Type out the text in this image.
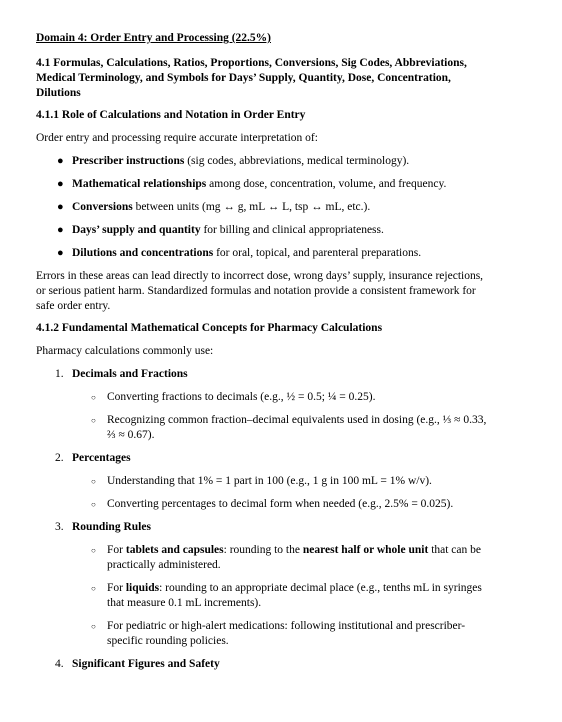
Domain 4: Order Entry and Processing (22.5%)
4.1 Formulas, Calculations, Ratios, Proportions, Conversions, Sig Codes, Abbreviations,
Medical Terminology, and Symbols for Days’ Supply, Quantity, Dose, Concentration,
Dilutions
4.1.1 Role of Calculations and Notation in Order Entry
Order entry and processing require accurate interpretation of:
● Prescriber instructions (sig codes, abbreviations, medical terminology).
● Mathematical relationships among dose, concentration, volume, and frequency.
● Conversions between units (mg ↔ g, mL ↔ L, tsp ↔ mL, etc.).
● Days’ supply and quantity for billing and clinical appropriateness.
● Dilutions and concentrations for oral, topical, and parenteral preparations.
Errors in these areas can lead directly to incorrect dose, wrong days’ supply, insurance rejections,
or serious patient harm. Standardized formulas and notation provide a consistent framework for
safe order entry.
4.1.2 Fundamental Mathematical Concepts for Pharmacy Calculations
Pharmacy calculations commonly use:
1. Decimals and Fractions
○ Converting fractions to decimals (e.g., ½ = 0.5; ¼ = 0.25).
○ Recognizing common fraction–decimal equivalents used in dosing (e.g., ⅓ ≈ 0.33,
⅔ ≈ 0.67).
2. Percentages
○ Understanding that 1% = 1 part in 100 (e.g., 1 g in 100 mL = 1% w/v).
○ Converting percentages to decimal form when needed (e.g., 2.5% = 0.025).
3. Rounding Rules
○ For tablets and capsules: rounding to the nearest half or whole unit that can be
practically administered.
○ For liquids: rounding to an appropriate decimal place (e.g., tenths mL in syringes
that measure 0.1 mL increments).
○ For pediatric or high-alert medications: following institutional and prescriber-
specific rounding policies.
4. Significant Figures and Safety
